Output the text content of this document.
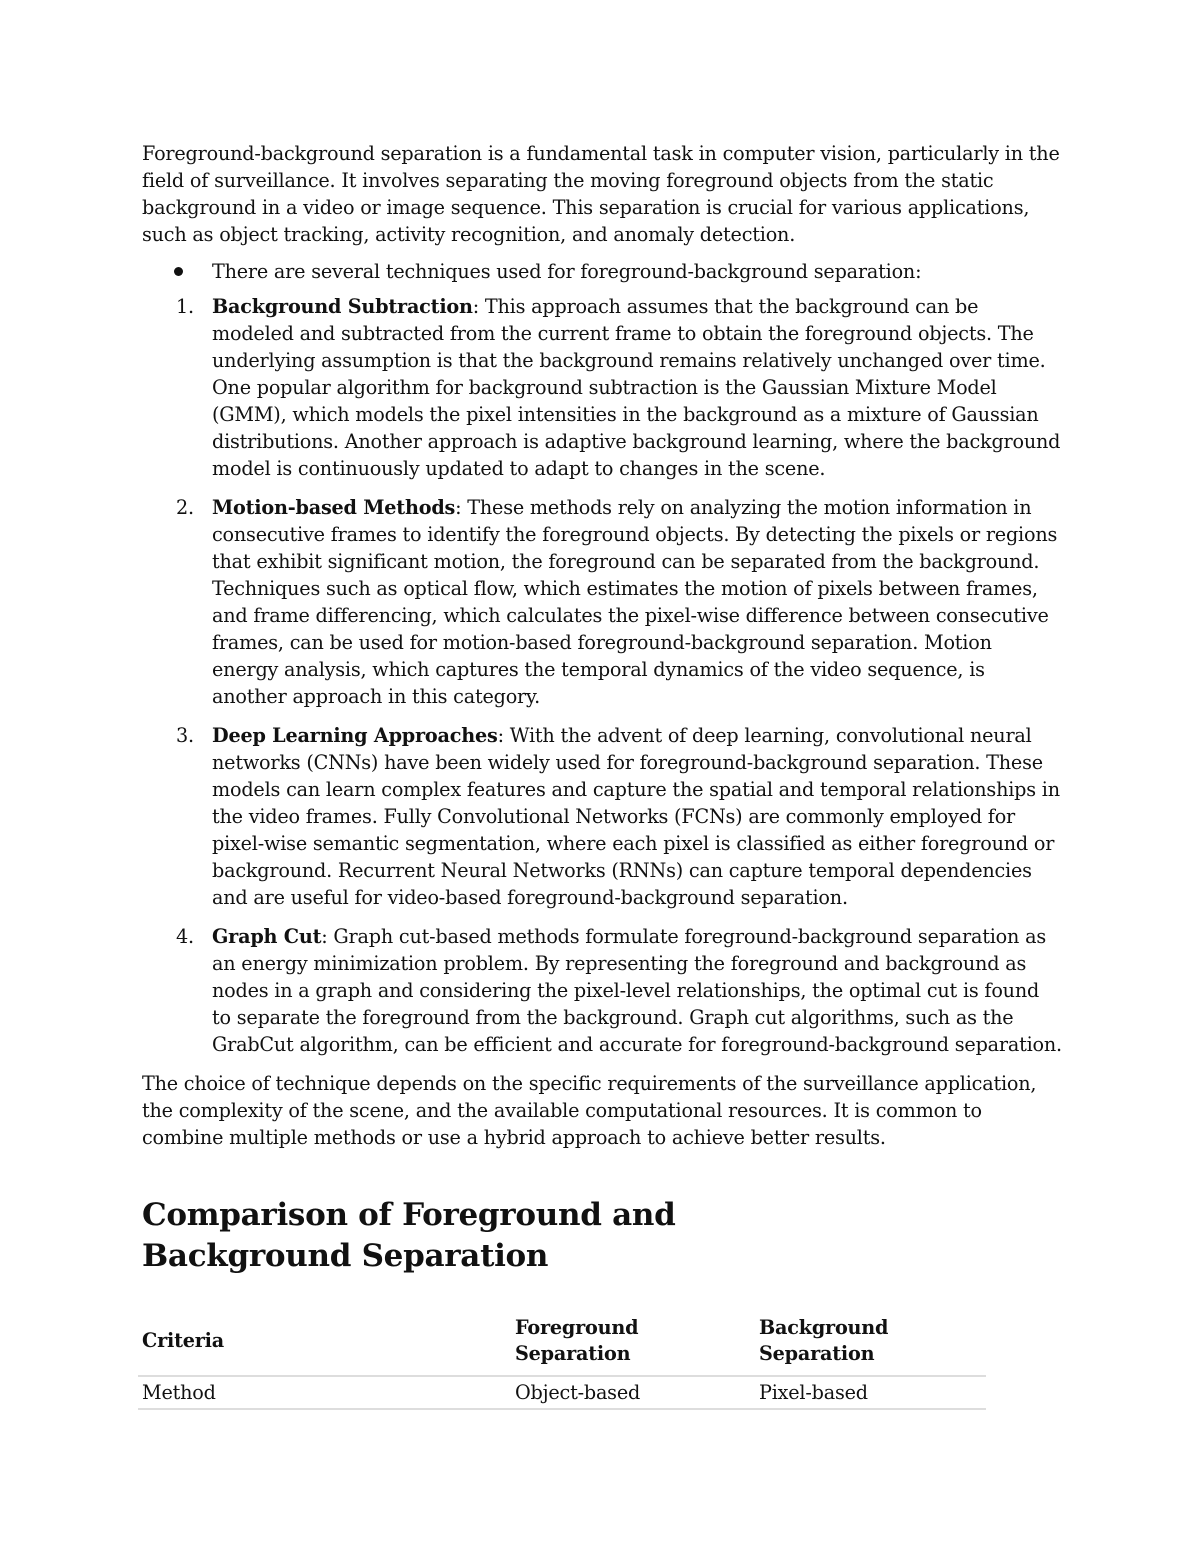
Foreground-background separation is a fundamental task in computer vision, particularly in the field of surveillance. It involves separating the moving foreground objects from the static background in a video or image sequence. This separation is crucial for various applications, such as object tracking, activity recognition, and anomaly detection.

There are several techniques used for foreground-background separation:
1. Background Subtraction: This approach assumes that the background can be modeled and subtracted from the current frame to obtain the foreground objects. The underlying assumption is that the background remains relatively unchanged over time. One popular algorithm for background subtraction is the Gaussian Mixture Model (GMM), which models the pixel intensities in the background as a mixture of Gaussian distributions. Another approach is adaptive background learning, where the background model is continuously updated to adapt to changes in the scene.
2. Motion-based Methods: These methods rely on analyzing the motion information in consecutive frames to identify the foreground objects. By detecting the pixels or regions that exhibit significant motion, the foreground can be separated from the background. Techniques such as optical flow, which estimates the motion of pixels between frames, and frame differencing, which calculates the pixel-wise difference between consecutive frames, can be used for motion-based foreground-background separation. Motion energy analysis, which captures the temporal dynamics of the video sequence, is another approach in this category.
3. Deep Learning Approaches: With the advent of deep learning, convolutional neural networks (CNNs) have been widely used for foreground-background separation. These models can learn complex features and capture the spatial and temporal relationships in the video frames. Fully Convolutional Networks (FCNs) are commonly employed for pixel-wise semantic segmentation, where each pixel is classified as either foreground or background. Recurrent Neural Networks (RNNs) can capture temporal dependencies and are useful for video-based foreground-background separation.
4. Graph Cut: Graph cut-based methods formulate foreground-background separation as an energy minimization problem. By representing the foreground and background as nodes in a graph and considering the pixel-level relationships, the optimal cut is found to separate the foreground from the background. Graph cut algorithms, such as the GrabCut algorithm, can be efficient and accurate for foreground-background separation.

The choice of technique depends on the specific requirements of the surveillance application, the complexity of the scene, and the available computational resources. It is common to combine multiple methods or use a hybrid approach to achieve better results.

Comparison of Foreground and Background Separation
Criteria	Foreground Separation	Background Separation	
Method	Object-based	Pixel-based	
